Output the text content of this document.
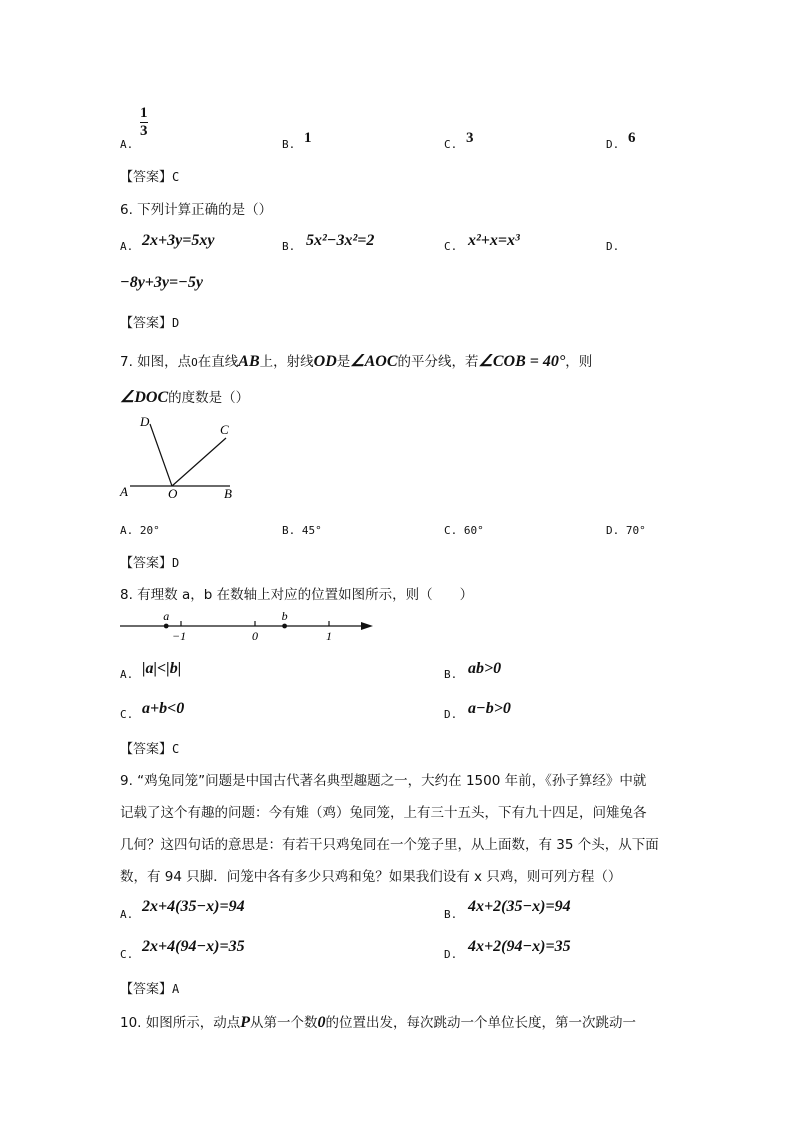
A.
1
3
B. 1	C. 3	D. 6
【答案】C
6. 下列计算正确的是（）
A. 2x+3y=5xy	B. 5x²−3x²=2	C. x²+x=x³	D.
−8y+3y=−5y
【答案】D
7. 如图，点O在直线AB上，射线OD是∠AOC的平分线，若∠COB = 40°，则
∠DOC的度数是（）
D
C
A	O	B
A. 20°	B. 45°	C. 60°	D. 70°
【答案】D
8. 有理数 a，b 在数轴上对应的位置如图所示，则（　　）
−1	0	1
a	b
A. |a|<|b|	B. ab>0
C. a+b<0	D. a−b>0
【答案】C
9. “鸡兔同笼”问题是中国古代著名典型趣题之一，大约在 1500 年前，《孙子算经》中就
记载了这个有趣的问题：今有雉（鸡）兔同笼，上有三十五头，下有九十四足，问雉兔各
几何？这四句话的意思是：有若干只鸡兔同在一个笼子里，从上面数，有 35 个头，从下面
数，有 94 只脚．问笼中各有多少只鸡和兔？如果我们设有 x 只鸡，则可列方程（）
A. 2x+4(35−x)=94	B. 4x+2(35−x)=94
C. 2x+4(94−x)=35	D. 4x+2(94−x)=35
【答案】A
10. 如图所示，动点P从第一个数0的位置出发，每次跳动一个单位长度，第一次跳动一
